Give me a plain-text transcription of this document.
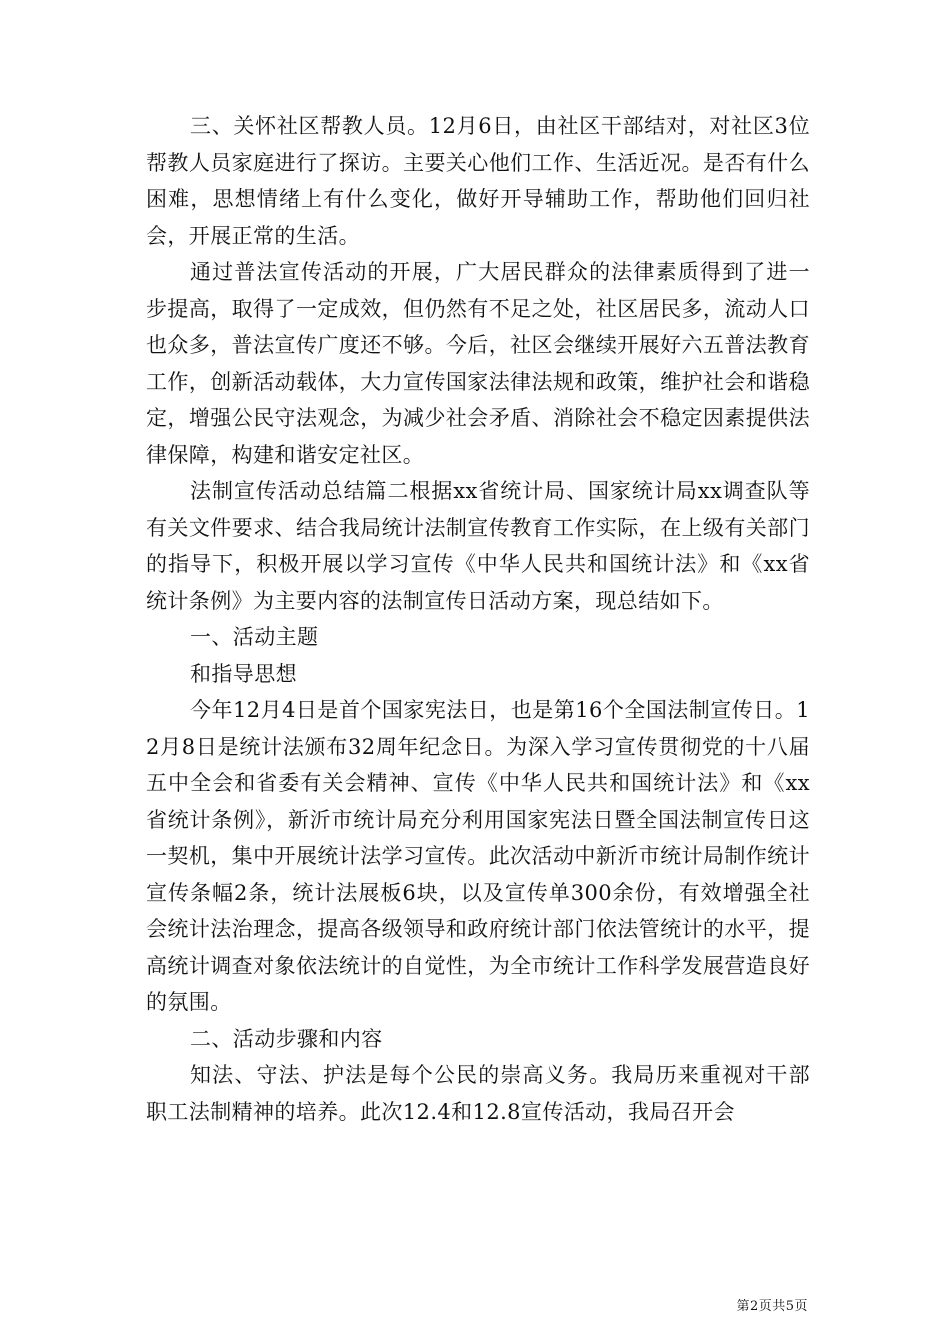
三、关怀社区帮教人员。12月6日，由社区干部结对，对社区3位帮教人员家庭进行了探访。主要关心他们工作、生活近况。是否有什么困难，思想情绪上有什么变化，做好开导辅助工作，帮助他们回归社会，开展正常的生活。

通过普法宣传活动的开展，广大居民群众的法律素质得到了进一步提高，取得了一定成效，但仍然有不足之处，社区居民多，流动人口也众多，普法宣传广度还不够。今后，社区会继续开展好六五普法教育工作，创新活动载体，大力宣传国家法律法规和政策，维护社会和谐稳定，增强公民守法观念，为减少社会矛盾、消除社会不稳定因素提供法律保障，构建和谐安定社区。

法制宣传活动总结篇二根据xx省统计局、国家统计局xx调查队等有关文件要求、结合我局统计法制宣传教育工作实际，在上级有关部门的指导下，积极开展以学习宣传《中华人民共和国统计法》和《xx省统计条例》为主要内容的法制宣传日活动方案，现总结如下。

一、活动主题

和指导思想

今年12月4日是首个国家宪法日，也是第16个全国法制宣传日。12月8日是统计法颁布32周年纪念日。为深入学习宣传贯彻党的十八届五中全会和省委有关会精神、宣传《中华人民共和国统计法》和《xx省统计条例》，新沂市统计局充分利用国家宪法日暨全国法制宣传日这一契机，集中开展统计法学习宣传。此次活动中新沂市统计局制作统计宣传条幅2条，统计法展板6块，以及宣传单300余份，有效增强全社会统计法治理念，提高各级领导和政府统计部门依法管统计的水平，提高统计调查对象依法统计的自觉性，为全市统计工作科学发展营造良好的氛围。

二、活动步骤和内容

知法、守法、护法是每个公民的崇高义务。我局历来重视对干部职工法制精神的培养。此次12.4和12.8宣传活动，我局召开会

第2页共5页
